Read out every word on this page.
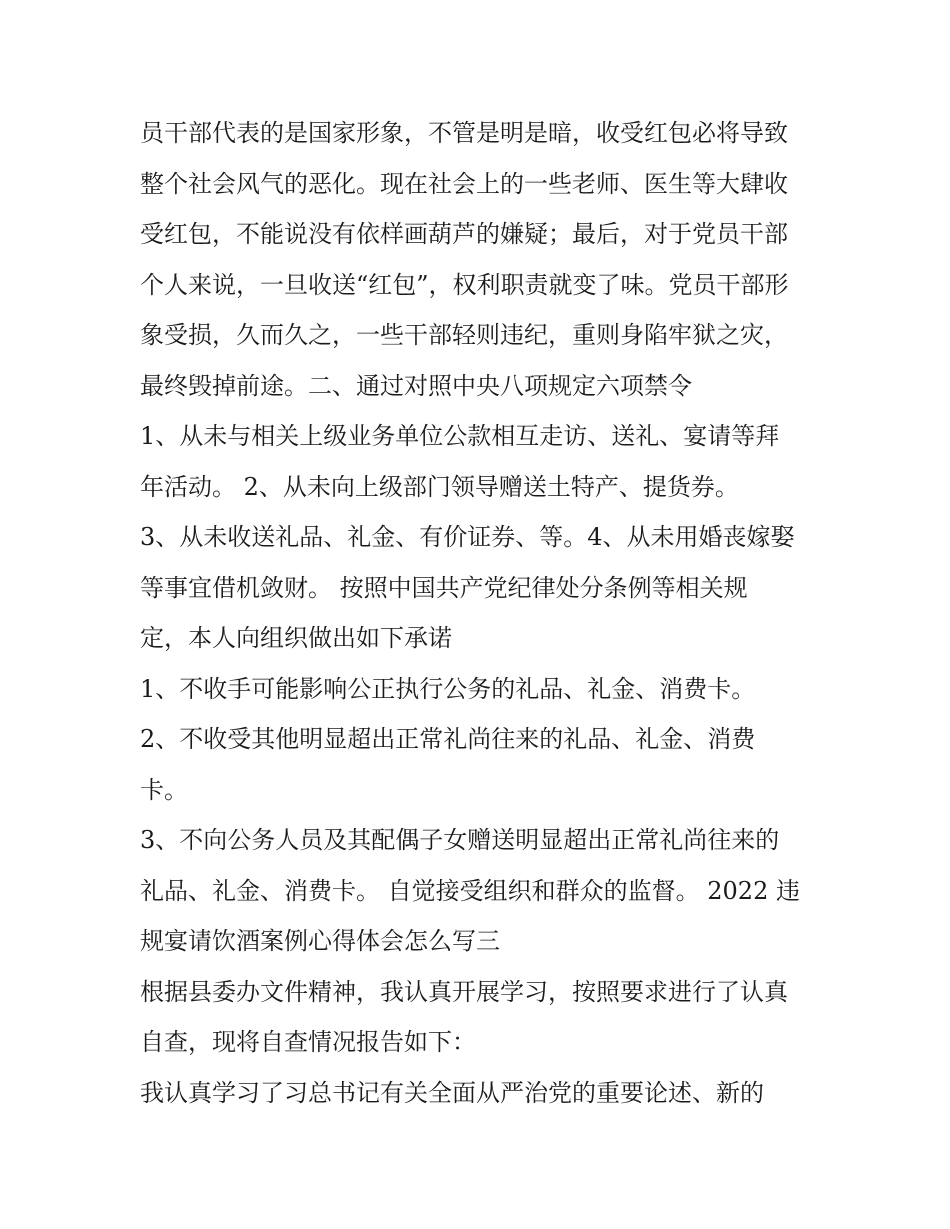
员干部代表的是国家形象，不管是明是暗，收受红包必将导致
整个社会风气的恶化。现在社会上的一些老师、医生等大肆收
受红包，不能说没有依样画葫芦的嫌疑；最后，对于党员干部
个人来说，一旦收送“红包”，权利职责就变了味。党员干部形
象受损，久而久之，一些干部轻则违纪，重则身陷牢狱之灾，
最终毁掉前途。二、通过对照中央八项规定六项禁令
1、从未与相关上级业务单位公款相互走访、送礼、宴请等拜
年活动。 2、从未向上级部门领导赠送土特产、提货券。
3、从未收送礼品、礼金、有价证券、等。4、从未用婚丧嫁娶
等事宜借机敛财。 按照中国共产党纪律处分条例等相关规
定，本人向组织做出如下承诺
1、不收手可能影响公正执行公务的礼品、礼金、消费卡。
2、不收受其他明显超出正常礼尚往来的礼品、礼金、消费
卡。
3、不向公务人员及其配偶子女赠送明显超出正常礼尚往来的
礼品、礼金、消费卡。 自觉接受组织和群众的监督。 2022 违
规宴请饮酒案例心得体会怎么写三
根据县委办文件精神，我认真开展学习，按照要求进行了认真
自查，现将自查情况报告如下：
我认真学习了习总书记有关全面从严治党的重要论述、新的
